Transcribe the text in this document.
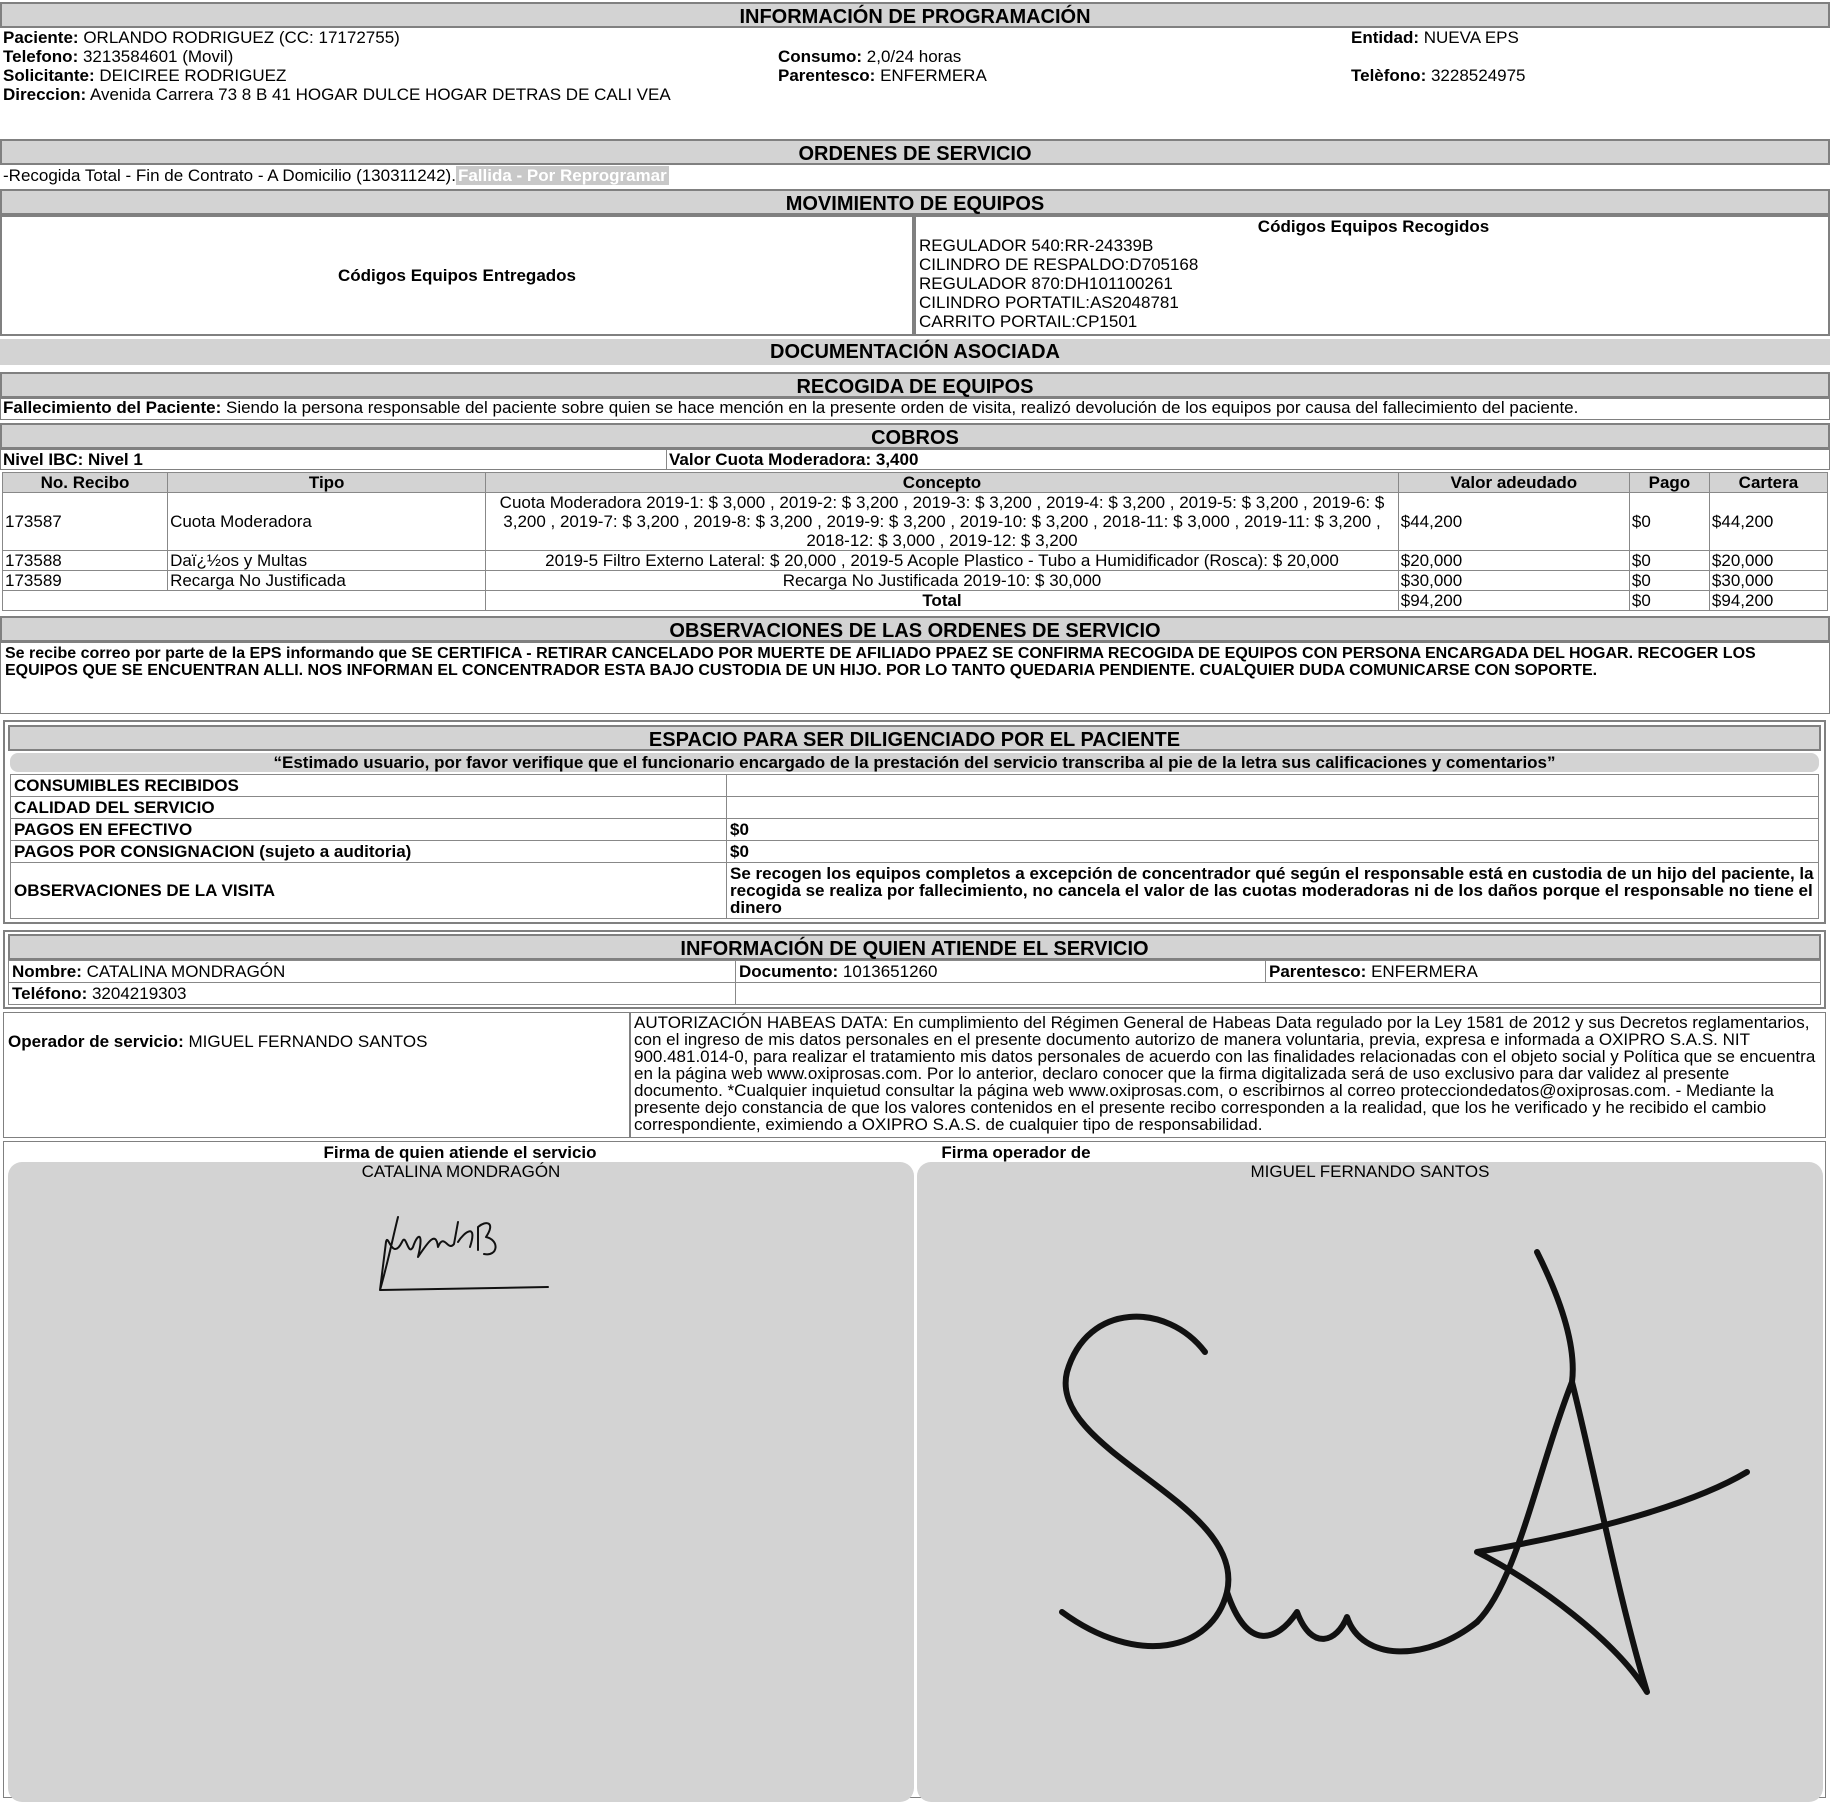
INFORMACIÓN DE PROGRAMACIÓN
Paciente: ORLANDO RODRIGUEZ (CC: 17172755)	Entidad: NUEVA EPS
Telefono: 3213584601 (Movil)	Consumo: 2,0/24 horas
Solicitante: DEICIREE RODRIGUEZ	Parentesco: ENFERMERA	Telèfono: 3228524975
Direccion: Avenida Carrera 73 8 B 41 HOGAR DULCE HOGAR DETRAS DE CALI VEA
ORDENES DE SERVICIO
-Recogida Total - Fin de Contrato - A Domicilio (130311242). Fallida - Por Reprogramar
MOVIMIENTO DE EQUIPOS
Códigos Equipos Entregados
Códigos Equipos Recogidos
REGULADOR 540:RR-24339B
CILINDRO DE RESPALDO:D705168
REGULADOR 870:DH101100261
CILINDRO PORTATIL:AS2048781
CARRITO PORTAIL:CP1501
DOCUMENTACIÓN ASOCIADA
RECOGIDA DE EQUIPOS
Fallecimiento del Paciente: Siendo la persona responsable del paciente sobre quien se hace mención en la presente orden de visita, realizó devolución de los equipos por causa del fallecimiento del paciente.
COBROS
Nivel IBC: Nivel 1	Valor Cuota Moderadora: 3,400
No. Recibo	Tipo	Concepto	Valor adeudado	Pago	Cartera
173587	Cuota Moderadora	Cuota Moderadora 2019-1: $ 3,000 , 2019-2: $ 3,200 , 2019-3: $ 3,200 , 2019-4: $ 3,200 , 2019-5: $ 3,200 , 2019-6: $ 3,200 , 2019-7: $ 3,200 , 2019-8: $ 3,200 , 2019-9: $ 3,200 , 2019-10: $ 3,200 , 2018-11: $ 3,000 , 2019-11: $ 3,200 , 2018-12: $ 3,000 , 2019-12: $ 3,200	$44,200	$0	$44,200
173588	Daï¿½os y Multas	2019-5 Filtro Externo Lateral: $ 20,000 , 2019-5 Acople Plastico - Tubo a Humidificador (Rosca): $ 20,000	$20,000	$0	$20,000
173589	Recarga No Justificada	Recarga No Justificada 2019-10: $ 30,000	$30,000	$0	$30,000
		Total	$94,200	$0	$94,200
OBSERVACIONES DE LAS ORDENES DE SERVICIO
Se recibe correo por parte de la EPS informando que SE CERTIFICA - RETIRAR CANCELADO POR MUERTE DE AFILIADO PPAEZ SE CONFIRMA RECOGIDA DE EQUIPOS CON PERSONA ENCARGADA DEL HOGAR. RECOGER LOS EQUIPOS QUE SE ENCUENTRAN ALLI. NOS INFORMAN EL CONCENTRADOR ESTA BAJO CUSTODIA DE UN HIJO. POR LO TANTO QUEDARIA PENDIENTE. CUALQUIER DUDA COMUNICARSE CON SOPORTE.
ESPACIO PARA SER DILIGENCIADO POR EL PACIENTE
“Estimado usuario, por favor verifique que el funcionario encargado de la prestación del servicio transcriba al pie de la letra sus calificaciones y comentarios”
CONSUMIBLES RECIBIDOS	
CALIDAD DEL SERVICIO	
PAGOS EN EFECTIVO	$0
PAGOS POR CONSIGNACION (sujeto a auditoria)	$0
OBSERVACIONES DE LA VISITA	Se recogen los equipos completos a excepción de concentrador qué según el responsable está en custodia de un hijo del paciente, la recogida se realiza por fallecimiento, no cancela el valor de las cuotas moderadoras ni de los daños porque el responsable no tiene el dinero
INFORMACIÓN DE QUIEN ATIENDE EL SERVICIO
Nombre: CATALINA MONDRAGÓN	Documento: 1013651260	Parentesco: ENFERMERA
Teléfono: 3204219303		
Operador de servicio: MIGUEL FERNANDO SANTOS
AUTORIZACIÓN HABEAS DATA: En cumplimiento del Régimen General de Habeas Data regulado por la Ley 1581 de 2012 y sus Decretos reglamentarios, con el ingreso de mis datos personales en el presente documento autorizo de manera voluntaria, previa, expresa e informada a OXIPRO S.A.S. NIT 900.481.014-0, para realizar el tratamiento mis datos personales de acuerdo con las finalidades relacionadas con el objeto social y Política que se encuentra en la página web www.oxiprosas.com. Por lo anterior, declaro conocer que la firma digitalizada será de uso exclusivo para dar validez al presente documento. *Cualquier inquietud consultar la página web www.oxiprosas.com, o escribirnos al correo protecciondedatos@oxiprosas.com. - Mediante la presente dejo constancia de que los valores contenidos en el presente recibo corresponden a la realidad, que los he verificado y he recibido el cambio correspondiente, eximiendo a OXIPRO S.A.S. de cualquier tipo de responsabilidad.
Firma de quien atiende el servicio	Firma operador de
CATALINA MONDRAGÓN	MIGUEL FERNANDO SANTOS
